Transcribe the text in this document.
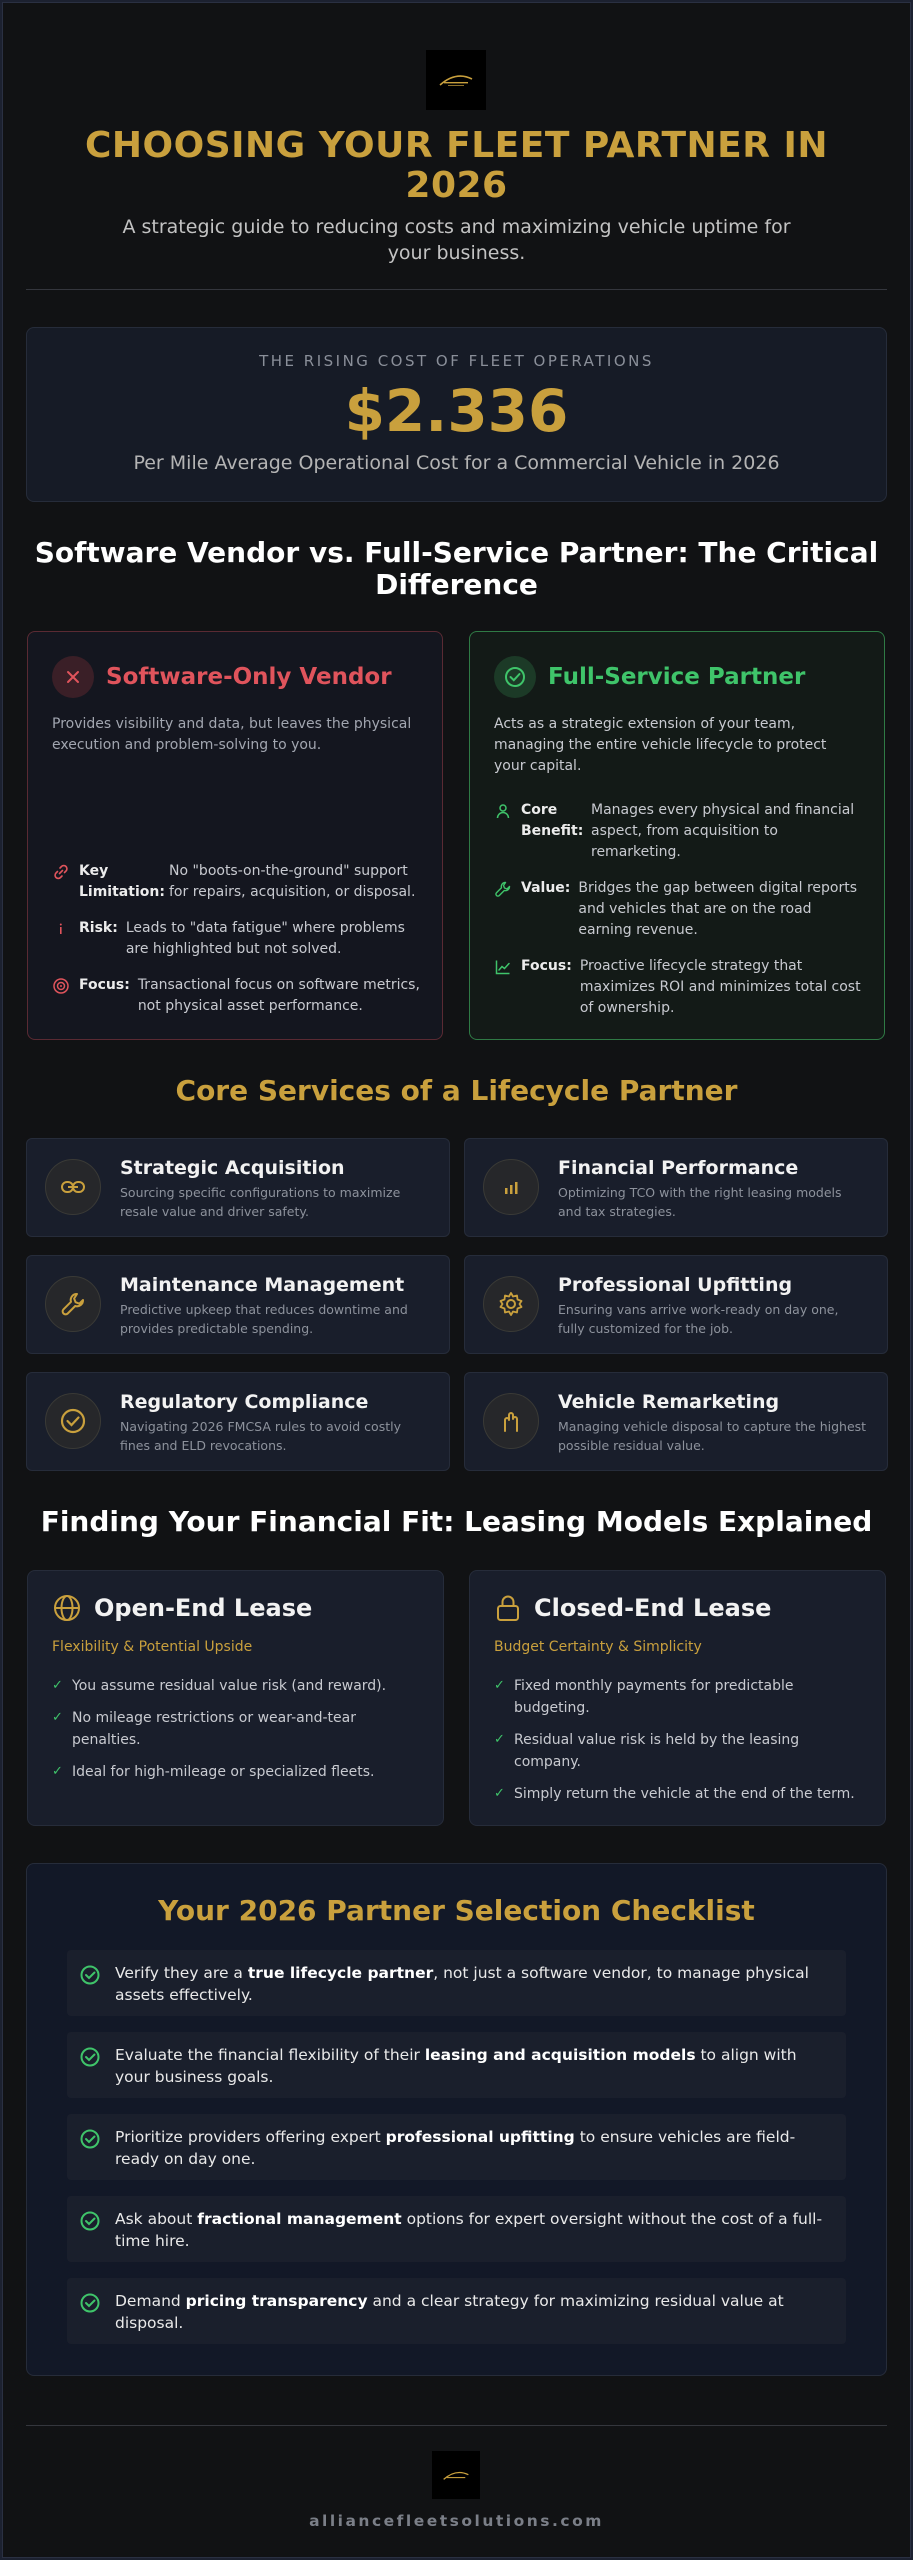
CHOOSING YOUR FLEET PARTNER IN 2026
A strategic guide to reducing costs and maximizing vehicle uptime for your business.
THE RISING COST OF FLEET OPERATIONS
$2.336
Per Mile Average Operational Cost for a Commercial Vehicle in 2026
Software Vendor vs. Full-Service Partner: The Critical Difference
Software-Only Vendor
Provides visibility and data, but leaves the physical execution and problem-solving to you.
Key Limitation:
No "boots-on-the-ground" support for repairs, acquisition, or disposal.
Risk: Leads to "data fatigue" where problems are highlighted but not solved.
Focus: Transactional focus on software metrics, not physical asset performance.
Full-Service Partner
Acts as a strategic extension of your team, managing the entire vehicle lifecycle to protect your capital.
Core Benefit:
Manages every physical and financial aspect, from acquisition to remarketing.
Value: Bridges the gap between digital reports and vehicles that are on the road earning revenue.
Focus: Proactive lifecycle strategy that maximizes ROI and minimizes total cost of ownership.
Core Services of a Lifecycle Partner
Strategic Acquisition
Sourcing specific configurations to maximize resale value and driver safety.
Financial Performance
Optimizing TCO with the right leasing models and tax strategies.
Maintenance Management
Predictive upkeep that reduces downtime and provides predictable spending.
Professional Upfitting
Ensuring vans arrive work-ready on day one, fully customized for the job.
Regulatory Compliance
Navigating 2026 FMCSA rules to avoid costly fines and ELD revocations.
Vehicle Remarketing
Managing vehicle disposal to capture the highest possible residual value.
Finding Your Financial Fit: Leasing Models Explained
Open-End Lease
Flexibility & Potential Upside
✓ You assume residual value risk (and reward).
✓ No mileage restrictions or wear-and-tear penalties.
✓ Ideal for high-mileage or specialized fleets.
Closed-End Lease
Budget Certainty & Simplicity
✓ Fixed monthly payments for predictable budgeting.
✓ Residual value risk is held by the leasing company.
✓ Simply return the vehicle at the end of the term.
Your 2026 Partner Selection Checklist
Verify they are a true lifecycle partner, not just a software vendor, to manage physical assets effectively.
Evaluate the financial flexibility of their leasing and acquisition models to align with your business goals.
Prioritize providers offering expert professional upfitting to ensure vehicles are field-ready on day one.
Ask about fractional management options for expert oversight without the cost of a full-time hire.
Demand pricing transparency and a clear strategy for maximizing residual value at disposal.
alliancefleetsolutions.com
